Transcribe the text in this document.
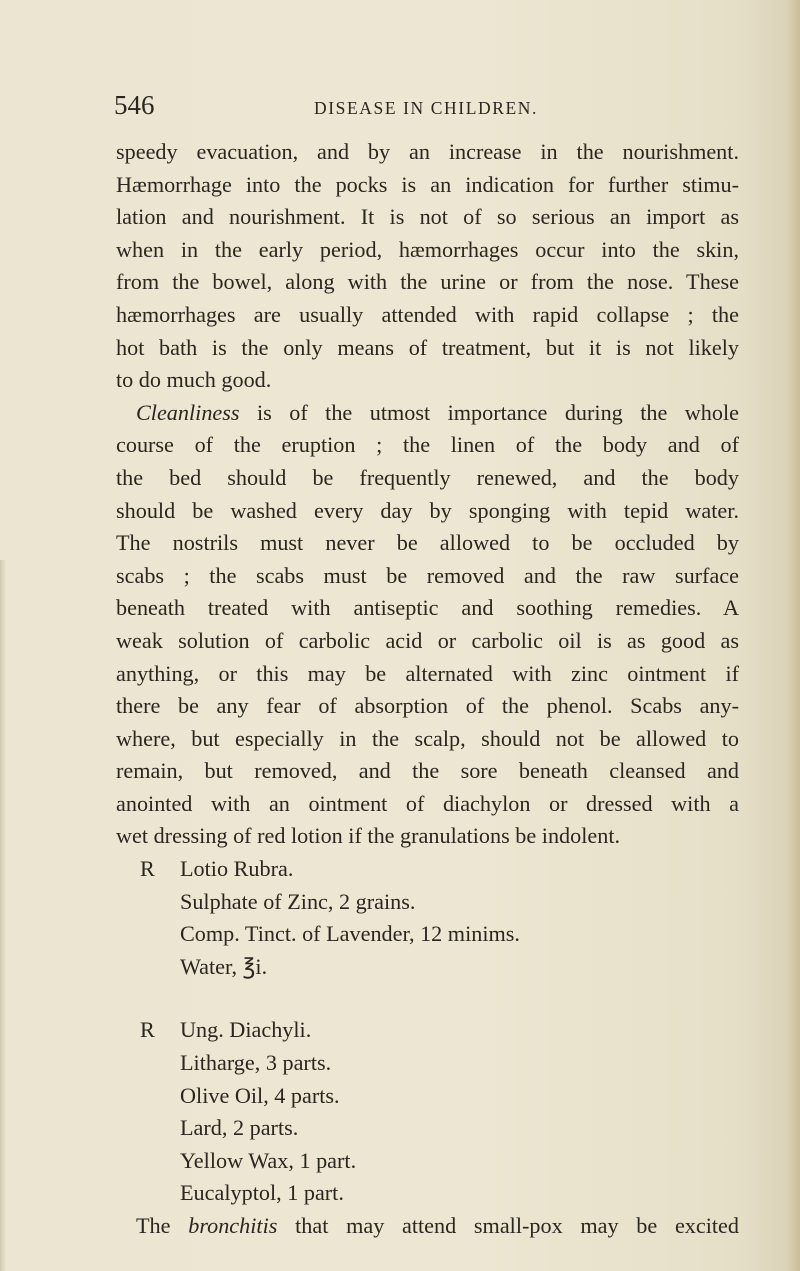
546	DISEASE IN CHILDREN.
speedy evacuation, and by an increase in the nourishment.
Hæmorrhage into the pocks is an indication for further stimu-
lation and nourishment. It is not of so serious an import as
when in the early period, hæmorrhages occur into the skin,
from the bowel, along with the urine or from the nose. These
hæmorrhages are usually attended with rapid collapse ; the
hot bath is the only means of treatment, but it is not likely
to do much good.
Cleanliness is of the utmost importance during the whole
course of the eruption ; the linen of the body and of
the bed should be frequently renewed, and the body
should be washed every day by sponging with tepid water.
The nostrils must never be allowed to be occluded by
scabs ; the scabs must be removed and the raw surface
beneath treated with antiseptic and soothing remedies. A
weak solution of carbolic acid or carbolic oil is as good as
anything, or this may be alternated with zinc ointment if
there be any fear of absorption of the phenol. Scabs any-
where, but especially in the scalp, should not be allowed to
remain, but removed, and the sore beneath cleansed and
anointed with an ointment of diachylon or dressed with a
wet dressing of red lotion if the granulations be indolent.
R Lotio Rubra.
Sulphate of Zinc, 2 grains.
Comp. Tinct. of Lavender, 12 minims.
Water, ℥i.
R Ung. Diachyli.
Litharge, 3 parts.
Olive Oil, 4 parts.
Lard, 2 parts.
Yellow Wax, 1 part.
Eucalyptol, 1 part.
The bronchitis that may attend small-pox may be excited
